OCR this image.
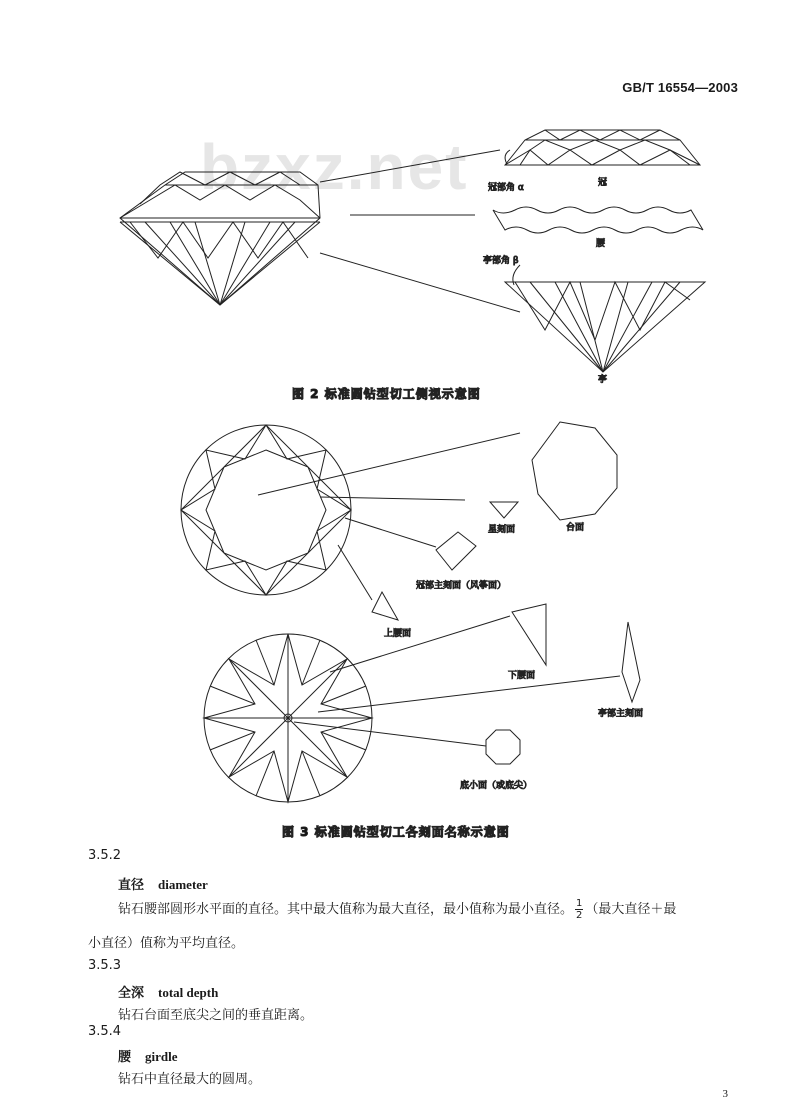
GB/T 16554—2003
bzxz.net 冠部角 α	冠
腰
亭部角 β
亭
图 2 标准圆钻型切工侧视示意图
台面
星刻面
冠部主刻面（风筝面）
上腰面
下腰面
亭部主刻面
底小面（或底尖）
图 3 标准圆钻型切工各刻面名称示意图
3.5.2
直径 diameter
钻石腰部圆形水平面的直径。其中最大值称为最大直径，最小值称为最小直径。 $\frac{1}{2}$ （最大直径＋最
小直径）值称为平均直径。
3.5.3
全深 total depth
钻石台面至底尖之间的垂直距离。
3.5.4
腰 girdle
钻石中直径最大的圆周。
3
